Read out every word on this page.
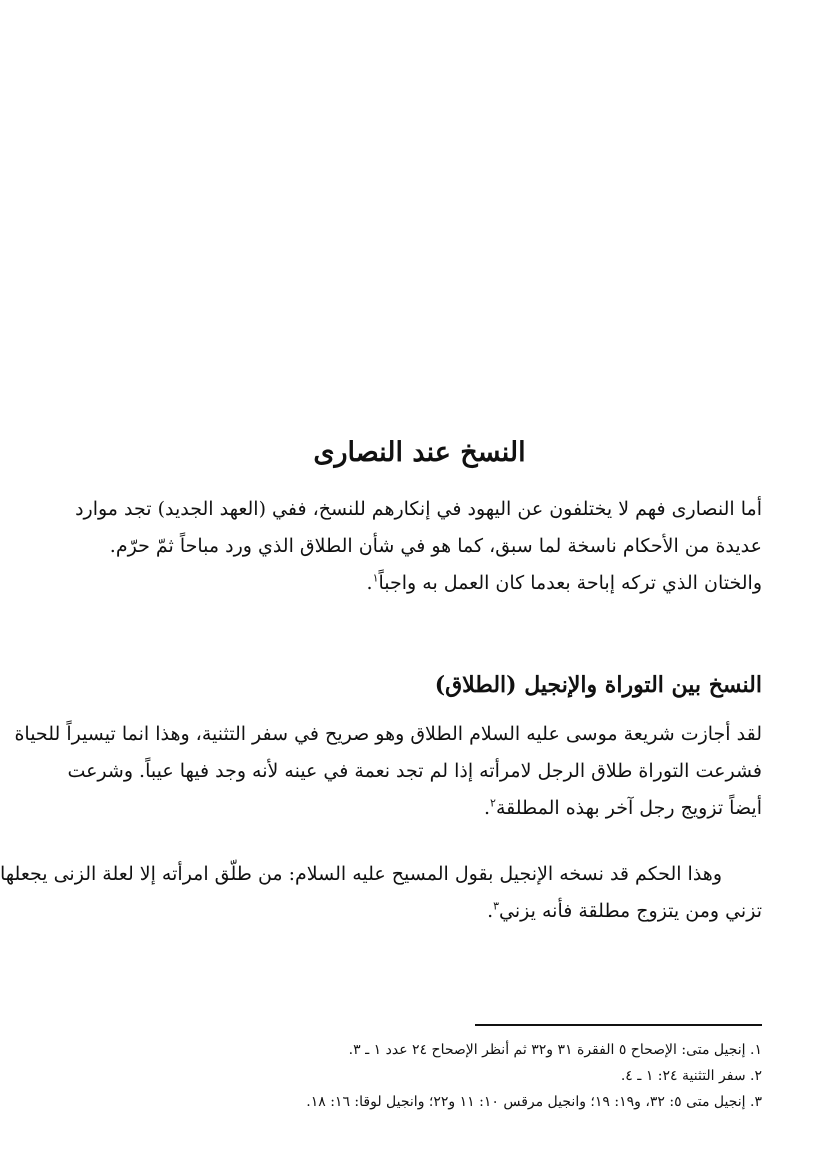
النسخ عند النصارى

أما النصارى فهم لا يختلفون عن اليهود في إنكارهم للنسخ، ففي (العهد الجديد) تجد موارد
عديدة من الأحكام ناسخة لما سبق، كما هو في شأن الطلاق الذي ورد مباحاً ثمّ حرّم.
والختان الذي تركه إباحة بعدما كان العمل به واجباً$^١$.

النسخ بين التوراة والإنجيل (الطلاق)

لقد أجازت شريعة موسى عليه السلام الطلاق وهو صريح في سفر التثنية، وهذا انما تيسيراً للحياة
فشرعت التوراة طلاق الرجل لامرأته إذا لم تجد نعمة في عينه لأنه وجد فيها عيباً. وشرعت
أيضاً تزويج رجل آخر بهذه المطلقة$^٢$.

وهذا الحكم قد نسخه الإنجيل بقول المسيح عليه السلام: من طلّق امرأته إلا لعلة الزنى يجعلها
تزني ومن يتزوج مطلقة فأنه يزني$^٣$.

١. إنجيل متى: الإصحاح ٥ الفقرة ٣١ و٣٢ ثم أنظر الإصحاح ٢٤ عدد ١ ـ ٣.
٢. سفر التثنية ٢٤: ١ ـ ٤.
٣. إنجيل متى ٥: ٣٢، و١٩: ١٩؛ وانجيل مرقس ١٠: ١١ و٢٢؛ وانجيل لوقا: ١٦: ١٨.
